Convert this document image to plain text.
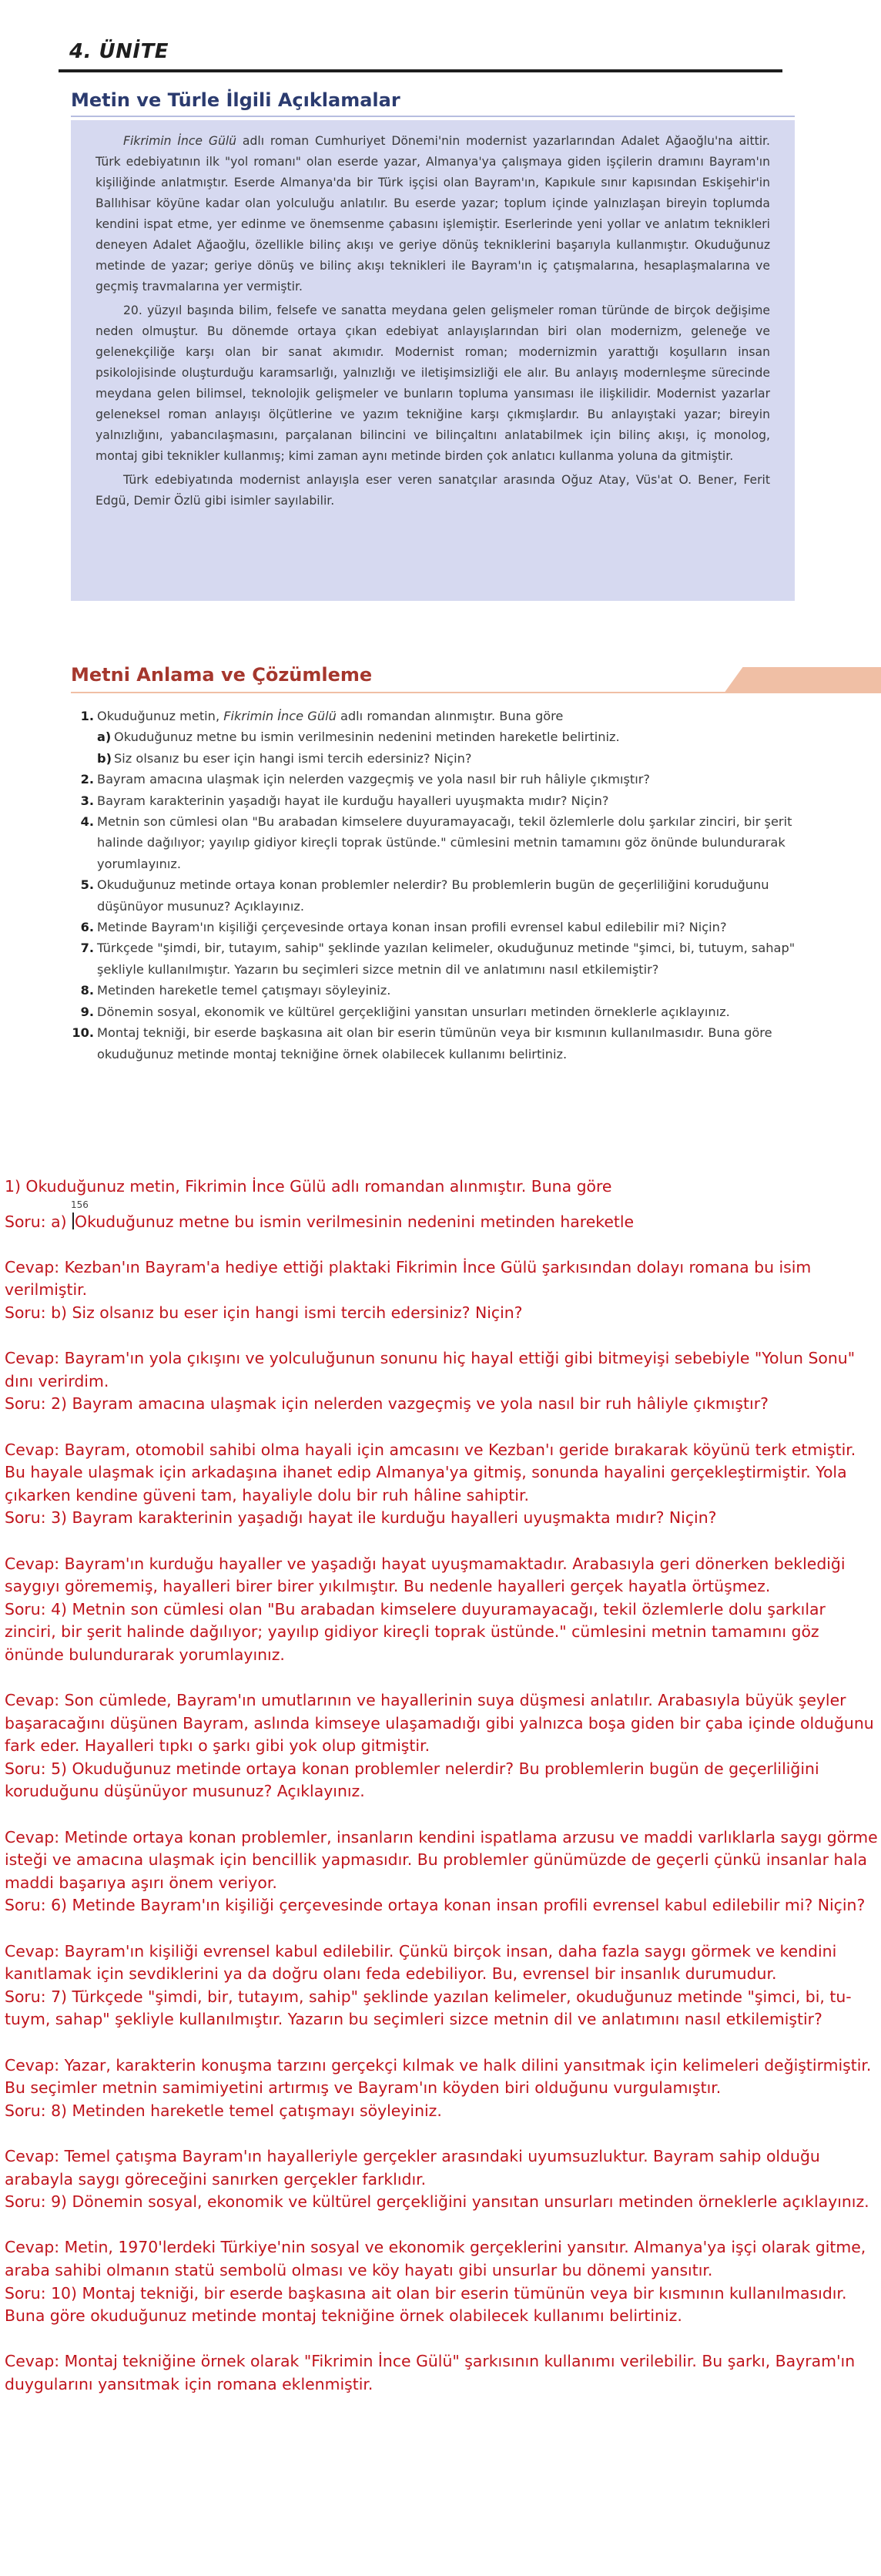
4. ÜNİTE
Metin ve Türle İlgili Açıklamalar

Fikrimin İnce Gülü adlı roman Cumhuriyet Dönemi'nin modernist yazarlarından Adalet Ağaoğlu'na aittir. Türk edebiyatının ilk "yol romanı" olan eserde yazar, Almanya'ya çalışmaya giden işçilerin dramını Bayram'ın kişiliğinde anlatmıştır. Eserde Almanya'da bir Türk işçisi olan Bayram'ın, Kapıkule sınır kapısından Eskişehir'in Ballıhisar köyüne kadar olan yolculuğu anlatılır. Bu eserde yazar; toplum içinde yalnızlaşan bireyin toplumda kendini ispat etme, yer edinme ve önemsenme çabasını işlemiştir. Eserlerinde yeni yollar ve anlatım teknikleri deneyen Adalet Ağaoğlu, özellikle bilinç akışı ve geriye dönüş tekniklerini başarıyla kullanmıştır. Okuduğunuz metinde de yazar; geriye dönüş ve bilinç akışı teknikleri ile Bayram'ın iç çatışmalarına, hesaplaşmalarına ve geçmiş travmalarına yer vermiştir.

20. yüzyıl başında bilim, felsefe ve sanatta meydana gelen gelişmeler roman türünde de birçok değişime neden olmuştur. Bu dönemde ortaya çıkan edebiyat anlayışlarından biri olan modernizm, geleneğe ve gelenekçiliğe karşı olan bir sanat akımıdır. Modernist roman; modernizmin yarattığı koşulların insan psikolojisinde oluşturduğu karamsarlığı, yalnızlığı ve iletişimsizliği ele alır. Bu anlayış modernleşme sürecinde meydana gelen bilimsel, teknolojik gelişmeler ve bunların topluma yansıması ile ilişkilidir. Modernist yazarlar geleneksel roman anlayışı ölçütlerine ve yazım tekniğine karşı çıkmışlardır. Bu anlayıştaki yazar; bireyin yalnızlığını, yabancılaşmasını, parçalanan bilincini ve bilinçaltını anlatabilmek için bilinç akışı, iç monolog, montaj gibi teknikler kullanmış; kimi zaman aynı metinde birden çok anlatıcı kullanma yoluna da gitmiştir.

Türk edebiyatında modernist anlayışla eser veren sanatçılar arasında Oğuz Atay, Vüs'at O. Bener, Ferit Edgü, Demir Özlü gibi isimler sayılabilir.

Metni Anlama ve Çözümleme
1. Okuduğunuz metin, Fikrimin İnce Gülü adlı romandan alınmıştır. Buna göre
a) Okuduğunuz metne bu ismin verilmesinin nedenini metinden hareketle belirtiniz.
b) Siz olsanız bu eser için hangi ismi tercih edersiniz? Niçin?
2. Bayram amacına ulaşmak için nelerden vazgeçmiş ve yola nasıl bir ruh hâliyle çıkmıştır?
3. Bayram karakterinin yaşadığı hayat ile kurduğu hayalleri uyuşmakta mıdır? Niçin?
4. Metnin son cümlesi olan "Bu arabadan kimselere duyuramayacağı, tekil özlemlerle dolu şarkılar zinciri, bir şerit halinde dağılıyor; yayılıp gidiyor kireçli toprak üstünde." cümlesini metnin tamamını göz önünde bulundurarak yorumlayınız.
5. Okuduğunuz metinde ortaya konan problemler nelerdir? Bu problemlerin bugün de geçerliliğini koruduğunu düşünüyor musunuz? Açıklayınız.
6. Metinde Bayram'ın kişiliği çerçevesinde ortaya konan insan profili evrensel kabul edilebilir mi? Niçin?
7. Türkçede "şimdi, bir, tutayım, sahip" şeklinde yazılan kelimeler, okuduğunuz metinde "şimci, bi, tutuym, sahap" şekliyle kullanılmıştır. Yazarın bu seçimleri sizce metnin dil ve anlatımını nasıl etkilemiştir?
8. Metinden hareketle temel çatışmayı söyleyiniz.
9. Dönemin sosyal, ekonomik ve kültürel gerçekliğini yansıtan unsurları metinden örneklerle açıklayınız.
10. Montaj tekniği, bir eserde başkasına ait olan bir eserin tümünün veya bir kısmının kullanılmasıdır. Buna göre okuduğunuz metinde montaj tekniğine örnek olabilecek kullanımı belirtiniz.

1) Okuduğunuz metin, Fikrimin İnce Gülü adlı romandan alınmıştır. Buna göre

156

Soru: a) Okuduğunuz metne bu ismin verilmesinin nedenini metinden hareketle

Cevap: Kezban'ın Bayram'a hediye ettiği plaktaki Fikrimin İnce Gülü şarkısından dolayı romana bu isim verilmiştir.

Soru: b) Siz olsanız bu eser için hangi ismi tercih edersiniz? Niçin?

Cevap: Bayram'ın yola çıkışını ve yolculuğunun sonunu hiç hayal ettiği gibi bitmeyişi sebebiyle "Yolun Sonu" dını verirdim.

Soru: 2) Bayram amacına ulaşmak için nelerden vazgeçmiş ve yola nasıl bir ruh hâliyle çıkmıştır?

Cevap: Bayram, otomobil sahibi olma hayali için amcasını ve Kezban'ı geride bırakarak köyünü terk etmiştir. Bu hayale ulaşmak için arkadaşına ihanet edip Almanya'ya gitmiş, sonunda hayalini gerçekleştirmiştir. Yola çıkarken kendine güveni tam, hayaliyle dolu bir ruh hâline sahiptir.

Soru: 3) Bayram karakterinin yaşadığı hayat ile kurduğu hayalleri uyuşmakta mıdır? Niçin?

Cevap: Bayram'ın kurduğu hayaller ve yaşadığı hayat uyuşmamaktadır. Arabasıyla geri dönerken beklediği saygıyı görememiş, hayalleri birer birer yıkılmıştır. Bu nedenle hayalleri gerçek hayatla örtüşmez.

Soru: 4) Metnin son cümlesi olan "Bu arabadan kimselere duyuramayacağı, tekil özlemlerle dolu şarkılar zinciri, bir şerit halinde dağılıyor; yayılıp gidiyor kireçli toprak üstünde." cümlesini metnin tamamını göz önünde bulundurarak yorumlayınız.

Cevap: Son cümlede, Bayram'ın umutlarının ve hayallerinin suya düşmesi anlatılır. Arabasıyla büyük şeyler başaracağını düşünen Bayram, aslında kimseye ulaşamadığı gibi yalnızca boşa giden bir çaba içinde olduğunu fark eder. Hayalleri tıpkı o şarkı gibi yok olup gitmiştir.

Soru: 5) Okuduğunuz metinde ortaya konan problemler nelerdir? Bu problemlerin bugün de geçerliliğini koruduğunu düşünüyor musunuz? Açıklayınız.

Cevap: Metinde ortaya konan problemler, insanların kendini ispatlama arzusu ve maddi varlıklarla saygı görme isteği ve amacına ulaşmak için bencillik yapmasıdır. Bu problemler günümüzde de geçerli çünkü insanlar hala maddi başarıya aşırı önem veriyor.

Soru: 6) Metinde Bayram'ın kişiliği çerçevesinde ortaya konan insan profili evrensel kabul edilebilir mi? Niçin?

Cevap: Bayram'ın kişiliği evrensel kabul edilebilir. Çünkü birçok insan, daha fazla saygı görmek ve kendini kanıtlamak için sevdiklerini ya da doğru olanı feda edebiliyor. Bu, evrensel bir insanlık durumudur.

Soru: 7) Türkçede "şimdi, bir, tutayım, sahip" şeklinde yazılan kelimeler, okuduğunuz metinde "şimci, bi, tu- tuym, sahap" şekliyle kullanılmıştır. Yazarın bu seçimleri sizce metnin dil ve anlatımını nasıl etkilemiştir?

Cevap: Yazar, karakterin konuşma tarzını gerçekçi kılmak ve halk dilini yansıtmak için kelimeleri değiştirmiştir. Bu seçimler metnin samimiyetini artırmış ve Bayram'ın köyden biri olduğunu vurgulamıştır.

Soru: 8) Metinden hareketle temel çatışmayı söyleyiniz.

Cevap: Temel çatışma Bayram'ın hayalleriyle gerçekler arasındaki uyumsuzluktur. Bayram sahip olduğu arabayla saygı göreceğini sanırken gerçekler farklıdır.

Soru: 9) Dönemin sosyal, ekonomik ve kültürel gerçekliğini yansıtan unsurları metinden örneklerle açıklayınız.

Cevap: Metin, 1970'lerdeki Türkiye'nin sosyal ve ekonomik gerçeklerini yansıtır. Almanya'ya işçi olarak gitme, araba sahibi olmanın statü sembolü olması ve köy hayatı gibi unsurlar bu dönemi yansıtır.

Soru: 10) Montaj tekniği, bir eserde başkasına ait olan bir eserin tümünün veya bir kısmının kullanılmasıdır. Buna göre okuduğunuz metinde montaj tekniğine örnek olabilecek kullanımı belirtiniz.

Cevap: Montaj tekniğine örnek olarak "Fikrimin İnce Gülü" şarkısının kullanımı verilebilir. Bu şarkı, Bayram'ın duygularını yansıtmak için romana eklenmiştir.
